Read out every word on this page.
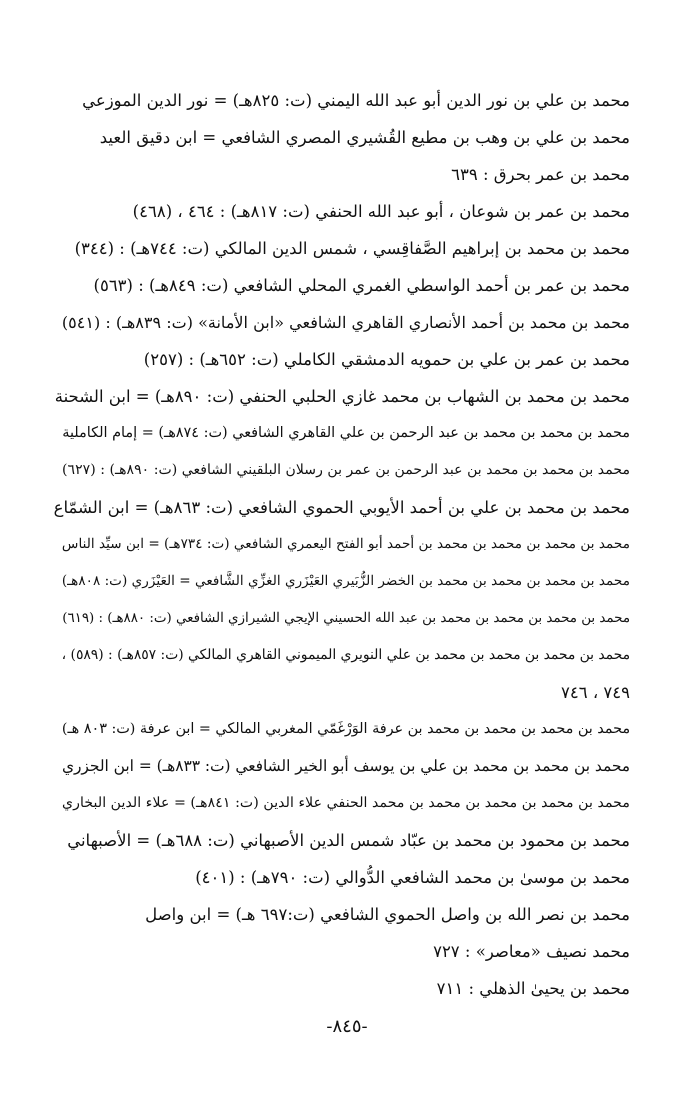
محمد بن علي بن نور الدين أبو عبد الله اليمني (ت: ٨٢٥هـ) = نور الدين الموزعي
محمد بن علي بن وهب بن مطيع القُشيري المصري الشافعي = ابن دقيق العيد
محمد بن عمر بحرق : ٦٣٩
محمد بن عمر بن شوعان ، أبو عبد الله الحنفي (ت: ٨١٧هـ) : ٤٦٤ ، (٤٦٨)
محمد بن محمد بن إبراهيم الصَّفاقِسي ، شمس الدين المالكي (ت: ٧٤٤هـ) : (٣٤٤)
محمد بن عمر بن أحمد الواسطي الغمري المحلي الشافعي (ت: ٨٤٩هـ) : (٥٦٣)
محمد بن محمد بن أحمد الأنصاري القاهري الشافعي «ابن الأمانة» (ت: ٨٣٩هـ) : (٥٤١)
محمد بن عمر بن علي بن حمويه الدمشقي الكاملي (ت: ٦٥٢هـ) : (٢٥٧)
محمد بن محمد بن الشهاب بن محمد غازي الحلبي الحنفي (ت: ٨٩٠هـ) = ابن الشحنة
محمد بن محمد بن محمد بن عبد الرحمن بن علي القاهري الشافعي (ت: ٨٧٤هـ) = إمام الكاملية
محمد بن محمد بن محمد بن عبد الرحمن بن عمر بن رسلان البلقيني الشافعي (ت: ٨٩٠هـ) : (٦٢٧)
محمد بن محمد بن علي بن أحمد الأيوبي الحموي الشافعي (ت: ٨٦٣هـ) = ابن الشمّاع
محمد بن محمد بن محمد بن محمد بن أحمد أبو الفتح اليعمري الشافعي (ت: ٧٣٤هـ) = ابن سيِّد الناس
محمد بن محمد بن محمد بن محمد بن الخضر الزُّبَيري العَيْزَري الغزِّي الشَّافعي = العَيْزَري (ت: ٨٠٨هـ)
محمد بن محمد بن محمد بن محمد بن عبد الله الحسيني الإيجي الشيرازي الشافعي (ت: ٨٨٠هـ) : (٦١٩)
محمد بن محمد بن محمد بن محمد بن علي النويري الميموني القاهري المالكي (ت: ٨٥٧هـ) : (٥٨٩) ،
٧٤٩ ، ٧٤٦
محمد بن محمد بن محمد بن محمد بن عرفة الوَرْغَمّي المغربي المالكي = ابن عرفة (ت: ٨٠٣ هـ)
محمد بن محمد بن محمد بن علي بن يوسف أبو الخير الشافعي (ت: ٨٣٣هـ) = ابن الجزري
محمد بن محمد بن محمد بن محمد بن محمد الحنفي علاء الدين (ت: ٨٤١هـ) = علاء الدين البخاري
محمد بن محمود بن محمد بن عبّاد شمس الدين الأصبهاني (ت: ٦٨٨هـ) = الأصبهاني
محمد بن موسىٰ بن محمد الشافعي الدُّوالي (ت: ٧٩٠هـ) : (٤٠١)
محمد بن نصر الله بن واصل الحموي الشافعي (ت:٦٩٧ هـ) = ابن واصل
محمد نصيف «معاصر» : ٧٢٧
محمد بن يحيىٰ الذهلي : ٧١١
-٨٤٥-
